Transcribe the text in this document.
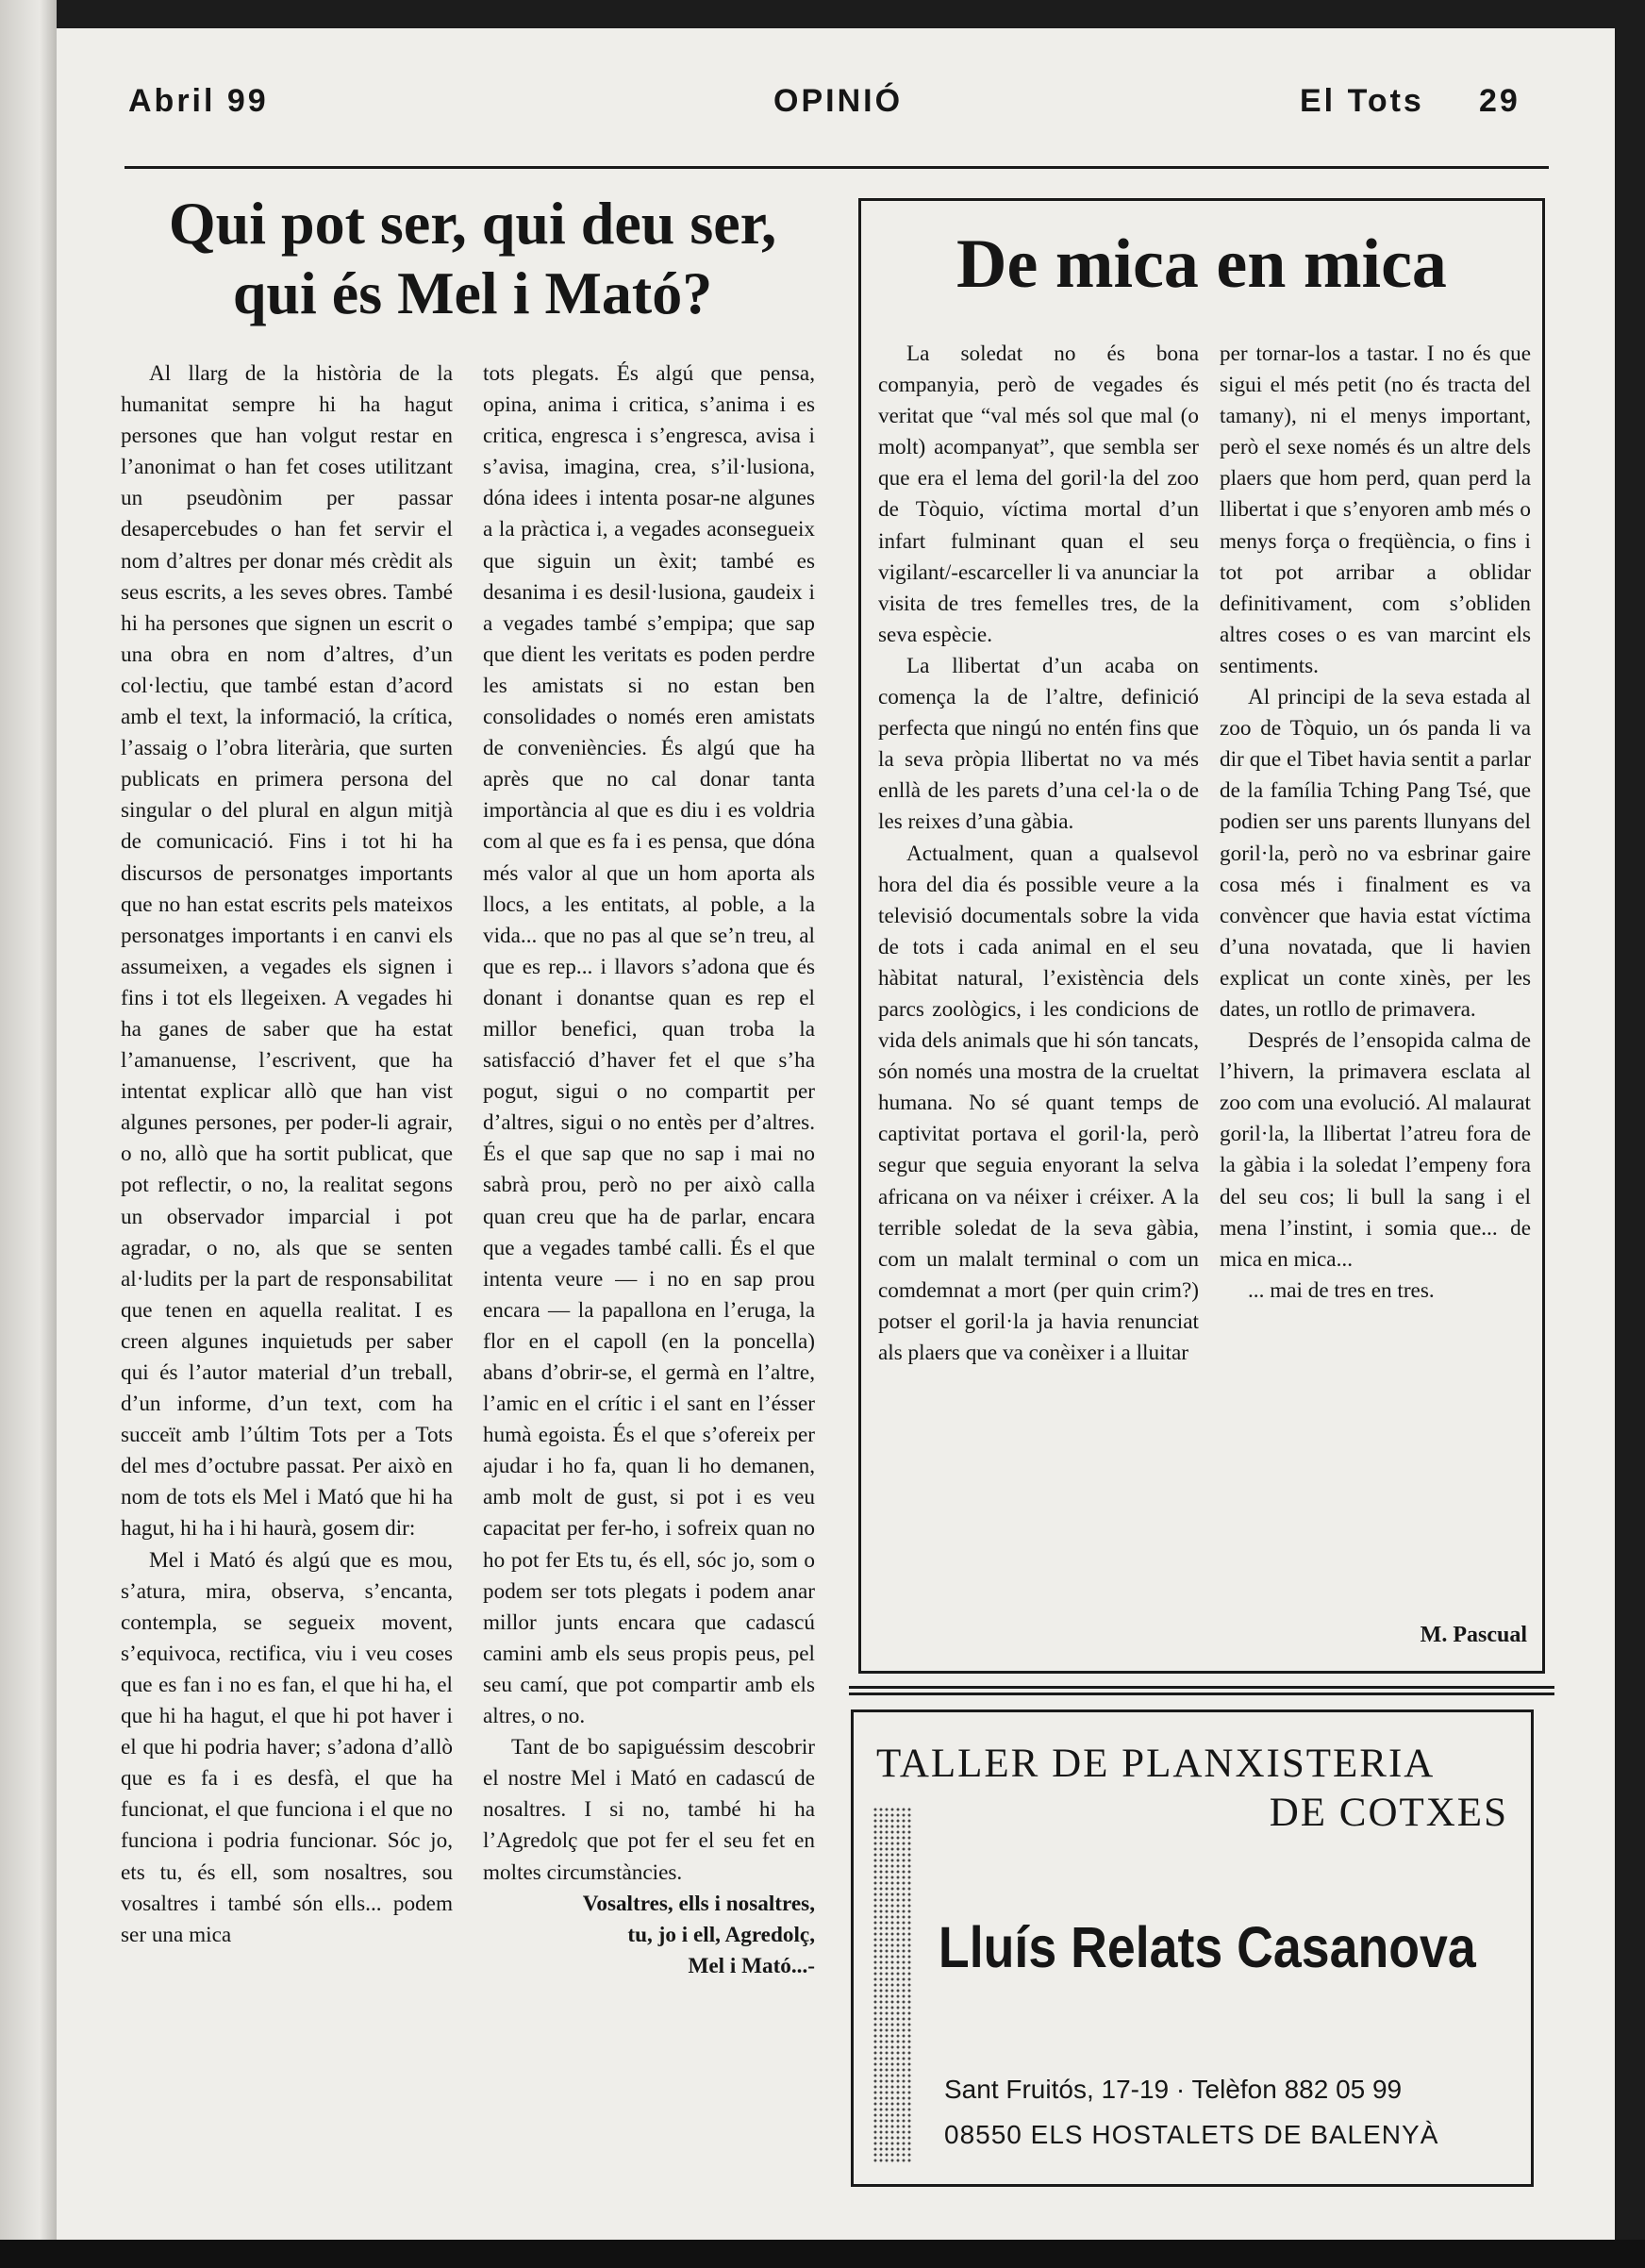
Abril 99	OPINIÓ	El Tots 29
Qui pot ser, qui deu ser, qui és Mel i Mató?

Al llarg de la història de la humanitat sempre hi ha hagut persones que han volgut restar en l’anonimat o han fet coses utilitzant un pseudònim per passar desapercebudes o han fet servir el nom d’altres per donar més crèdit als seus escrits, a les seves obres. També hi ha persones que signen un escrit o una obra en nom d’altres, d’un col·lectiu, que també estan d’acord amb el text, la informació, la crítica, l’assaig o l’obra literària, que surten publicats en primera persona del singular o del plural en algun mitjà de comunicació. Fins i tot hi ha discursos de personatges importants que no han estat escrits pels mateixos personatges importants i en canvi els assumeixen, a vegades els signen i fins i tot els llegeixen. A vegades hi ha ganes de saber que ha estat l’amanuense, l’escrivent, que ha intentat explicar allò que han vist algunes persones, per poder-li agrair, o no, allò que ha sortit publicat, que pot reflectir, o no, la realitat segons un observador imparcial i pot agradar, o no, als que se senten al·ludits per la part de responsabilitat que tenen en aquella realitat. I es creen algunes inquietuds per saber qui és l’autor material d’un treball, d’un informe, d’un text, com ha succeït amb l’últim Tots per a Tots del mes d’octubre passat. Per això en nom de tots els Mel i Mató que hi ha hagut, hi ha i hi haurà, gosem dir:

Mel i Mató és algú que es mou, s’atura, mira, observa, s’encanta, contempla, se segueix movent, s’equivoca, rectifica, viu i veu coses que es fan i no es fan, el que hi ha, el que hi ha hagut, el que hi pot haver i el que hi podria haver; s’adona d’allò que es fa i es desfà, el que ha funcionat, el que funciona i el que no funciona i podria funcionar. Sóc jo, ets tu, és ell, som nosaltres, sou vosaltres i també són ells... podem ser una mica

tots plegats. És algú que pensa, opina, anima i critica, s’anima i es critica, engresca i s’engresca, avisa i s’avisa, imagina, crea, s’il·lusiona, dóna idees i intenta posar-ne algunes a la pràctica i, a vegades aconsegueix que siguin un èxit; també es desanima i es desil·lusiona, gaudeix i a vegades també s’empipa; que sap que dient les veritats es poden perdre les amistats si no estan ben consolidades o només eren amistats de conveniències. És algú que ha après que no cal donar tanta importància al que es diu i es voldria com al que es fa i es pensa, que dóna més valor al que un hom aporta als llocs, a les entitats, al poble, a la vida... que no pas al que se’n treu, al que es rep... i llavors s’adona que és donant i donantse quan es rep el millor benefici, quan troba la satisfacció d’haver fet el que s’ha pogut, sigui o no compartit per d’altres, sigui o no entès per d’altres. És el que sap que no sap i mai no sabrà prou, però no per això calla quan creu que ha de parlar, encara que a vegades també calli. És el que intenta veure — i no en sap prou encara — la papallona en l’eruga, la flor en el capoll (en la poncella) abans d’obrir-se, el germà en l’altre, l’amic en el crític i el sant en l’ésser humà egoista. És el que s’ofereix per ajudar i ho fa, quan li ho demanen, amb molt de gust, si pot i es veu capacitat per fer-ho, i sofreix quan no ho pot fer Ets tu, és ell, sóc jo, som o podem ser tots plegats i podem anar millor junts encara que cadascú camini amb els seus propis peus, pel seu camí, que pot compartir amb els altres, o no.

Tant de bo sapiguéssim descobrir el nostre Mel i Mató en cadascú de nosaltres. I si no, també hi ha l’Agredolç que pot fer el seu fet en moltes circumstàncies.

Vosaltres, ells i nosaltres,

tu, jo i ell, Agredolç,

Mel i Mató...-

De mica en mica

La soledat no és bona companyia, però de vegades és veritat que “val més sol que mal (o molt) acompanyat”, que sembla ser que era el lema del goril·la del zoo de Tòquio, víctima mortal d’un infart fulminant quan el seu vigilant/-escarceller li va anunciar la visita de tres femelles tres, de la seva espècie.

La llibertat d’un acaba on comença la de l’altre, definició perfecta que ningú no entén fins que la seva pròpia llibertat no va més enllà de les parets d’una cel·la o de les reixes d’una gàbia.

Actualment, quan a qualsevol hora del dia és possible veure a la televisió documentals sobre la vida de tots i cada animal en el seu hàbitat natural, l’existència dels parcs zoològics, i les condicions de vida dels animals que hi són tancats, són només una mostra de la crueltat humana. No sé quant temps de captivitat portava el goril·la, però segur que seguia enyorant la selva africana on va néixer i créixer. A la terrible soledat de la seva gàbia, com un malalt terminal o com un comdemnat a mort (per quin crim?) potser el goril·la ja havia renunciat als plaers que va conèixer i a lluitar

per tornar-los a tastar. I no és que sigui el més petit (no és tracta del tamany), ni el menys important, però el sexe només és un altre dels plaers que hom perd, quan perd la llibertat i que s’enyoren amb més o menys força o freqüència, o fins i tot pot arribar a oblidar definitivament, com s’obliden altres coses o es van marcint els sentiments.

Al principi de la seva estada al zoo de Tòquio, un ós panda li va dir que el Tibet havia sentit a parlar de la família Tching Pang Tsé, que podien ser uns parents llunyans del goril·la, però no va esbrinar gaire cosa més i finalment es va convèncer que havia estat víctima d’una novatada, que li havien explicat un conte xinès, per les dates, un rotllo de primavera.

Després de l’ensopida calma de l’hivern, la primavera esclata al zoo com una evolució. Al malaurat goril·la, la llibertat l’atreu fora de la gàbia i la soledat l’empeny fora del seu cos; li bull la sang i el mena l’instint, i somia que... de mica en mica...

... mai de tres en tres.

M. Pascual
TALLER DE PLANXISTERIA
DE COTXES
Lluís Relats Casanova
Sant Fruitós, 17-19 · Telèfon 882 05 99
08550 ELS HOSTALETS DE BALENYÀ
